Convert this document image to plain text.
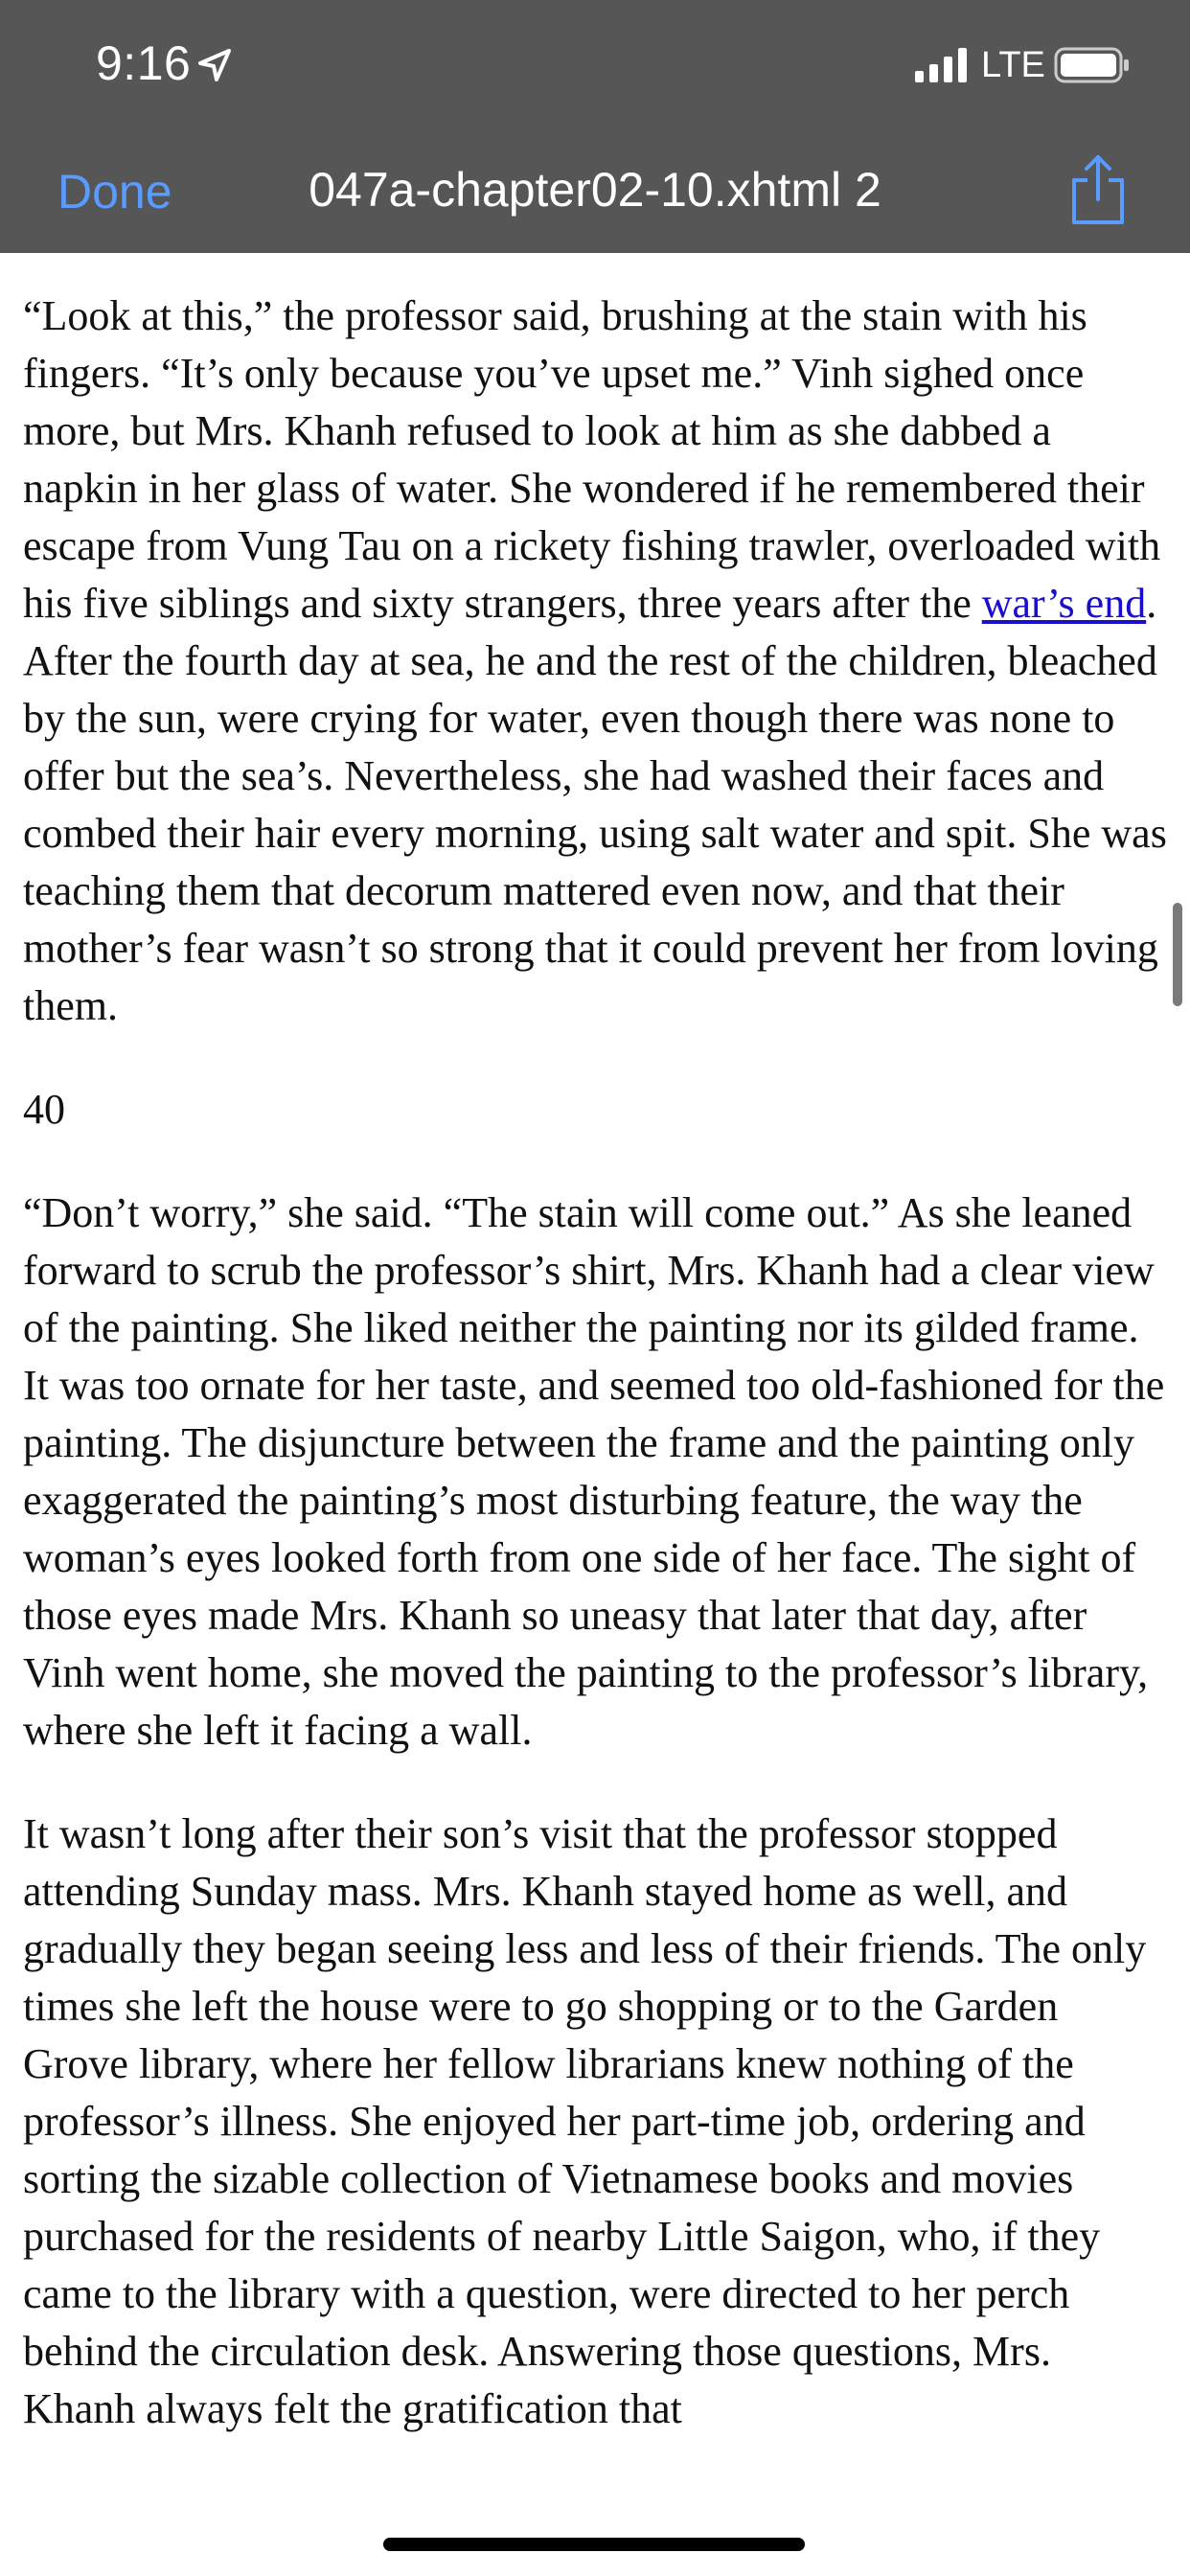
9:16	LTE
Done	047a-chapter02-10.xhtml 2

“Look at this,” the professor said, brushing at the stain with his fingers. “It’s only because you’ve upset me.” Vinh sighed once more, but Mrs. Khanh refused to look at him as she dabbed a napkin in her glass of water. She wondered if he remembered their escape from Vung Tau on a rickety fishing trawler, overloaded with his five siblings and sixty strangers, three years after the war’s end. After the fourth day at sea, he and the rest of the children, bleached by the sun, were crying for water, even though there was none to offer but the sea’s. Nevertheless, she had washed their faces and combed their hair every morning, using salt water and spit. She was teaching them that decorum mattered even now, and that their mother’s fear wasn’t so strong that it could prevent her from loving them.

40

“Don’t worry,” she said. “The stain will come out.” As she leaned forward to scrub the professor’s shirt, Mrs. Khanh had a clear view of the painting. She liked neither the painting nor its gilded frame. It was too ornate for her taste, and seemed too old-fashioned for the painting. The disjuncture between the frame and the painting only exaggerated the painting’s most disturbing feature, the way the woman’s eyes looked forth from one side of her face. The sight of those eyes made Mrs. Khanh so uneasy that later that day, after Vinh went home, she moved the painting to the professor’s library, where she left it facing a wall.

It wasn’t long after their son’s visit that the professor stopped attending Sunday mass. Mrs. Khanh stayed home as well, and gradually they began seeing less and less of their friends. The only times she left the house were to go shopping or to the Garden Grove library, where her fellow librarians knew nothing of the professor’s illness. She enjoyed her part-time job, ordering and sorting the sizable collection of Vietnamese books and movies purchased for the residents of nearby Little Saigon, who, if they came to the library with a question, were directed to her perch behind the circulation desk. Answering those questions, Mrs. Khanh always felt the gratification that
